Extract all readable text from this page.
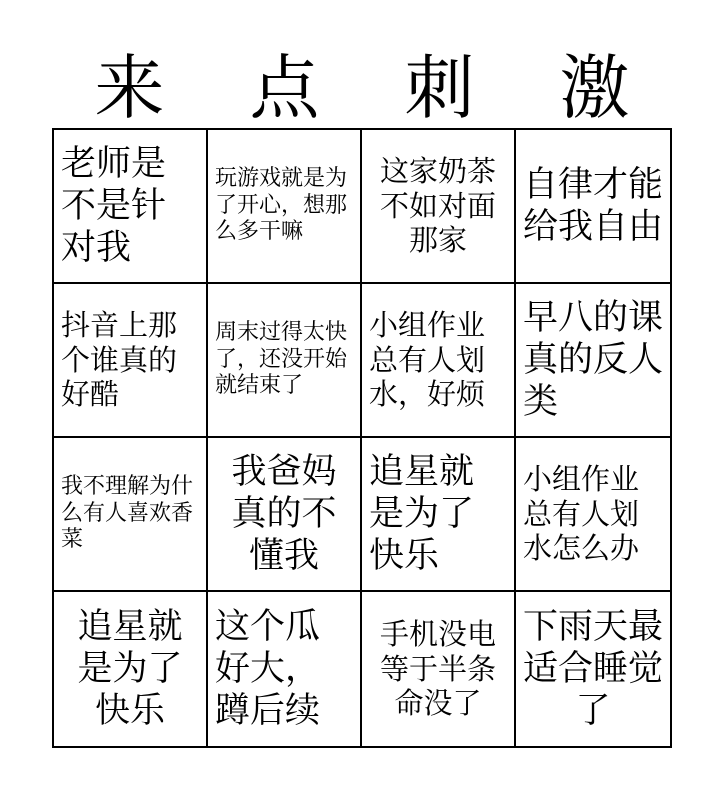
来	点	刺	激
老师是不是针对我
玩游戏就是为了开心，想那么多干嘛
这家奶茶不如对面那家
自律才能给我自由
抖音上那个谁真的好酷
周末过得太快了，还没开始就结束了
小组作业总有人划水，好烦
早八的课真的反人类
我不理解为什么有人喜欢香菜
我爸妈真的不懂我
追星就是为了快乐
小组作业总有人划水怎么办
追星就是为了快乐
这个瓜好大，蹲后续
手机没电等于半条命没了
下雨天最适合睡觉了
